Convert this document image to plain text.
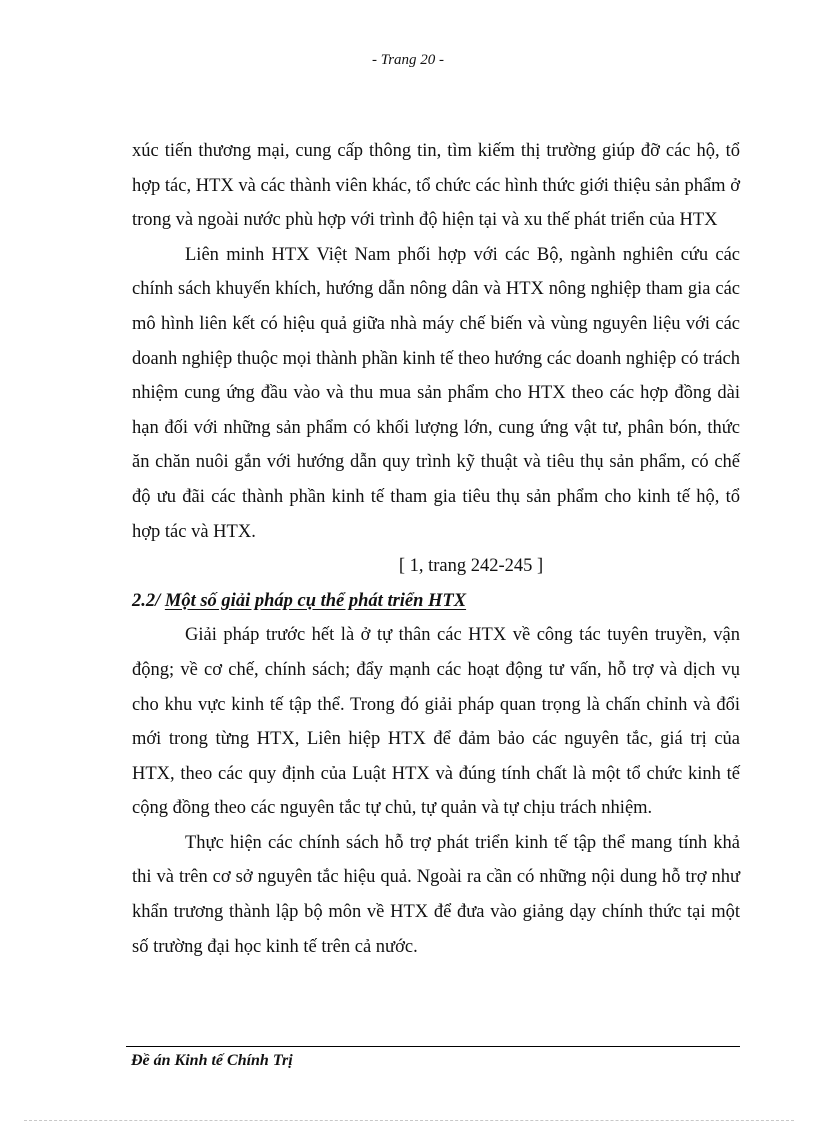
- Trang 20 -

xúc tiến thương mại, cung cấp thông tin, tìm kiếm thị trường giúp đỡ các hộ, tổ hợp tác, HTX và các thành viên khác, tổ chức các hình thức giới thiệu sản phẩm ở trong và ngoài nước phù hợp với trình độ hiện tại và xu thế phát triển của HTX

Liên minh HTX Việt Nam phối hợp với các Bộ, ngành nghiên cứu các chính sách khuyến khích, hướng dẫn nông dân và HTX nông nghiệp tham gia các mô hình liên kết có hiệu quả giữa nhà máy chế biến và vùng nguyên liệu với các doanh nghiệp thuộc mọi thành phần kinh tế theo hướng các doanh nghiệp có trách nhiệm cung ứng đầu vào và thu mua sản phẩm cho HTX theo các hợp đồng dài hạn đối với những sản phẩm có khối lượng lớn, cung ứng vật tư, phân bón, thức ăn chăn nuôi gắn với hướng dẫn quy trình kỹ thuật và tiêu thụ sản phẩm, có chế độ ưu đãi các thành phần kinh tế tham gia tiêu thụ sản phẩm cho kinh tế hộ, tổ hợp tác và HTX.

[ 1, trang 242-245 ]

2.2/ Một số giải pháp cụ thể phát triển HTX

Giải pháp trước hết là ở tự thân các HTX về công tác tuyên truyền, vận động; về cơ chế, chính sách; đẩy mạnh các hoạt động tư vấn, hỗ trợ và dịch vụ cho khu vực kinh tế tập thể. Trong đó giải pháp quan trọng là chấn chỉnh và đổi mới trong từng HTX, Liên hiệp HTX để đảm bảo các nguyên tắc, giá trị của HTX, theo các quy định của Luật HTX và đúng tính chất là một tổ chức kinh tế cộng đồng theo các nguyên tắc tự chủ, tự quản và tự chịu trách nhiệm.

Thực hiện các chính sách hỗ trợ phát triển kinh tế tập thể mang tính khả thi và trên cơ sở nguyên tắc hiệu quả. Ngoài ra cần có những nội dung hỗ trợ như khẩn trương thành lập bộ môn về HTX để đưa vào giảng dạy chính thức tại một số trường đại học kinh tế trên cả nước.

Đề án Kinh tế Chính Trị
